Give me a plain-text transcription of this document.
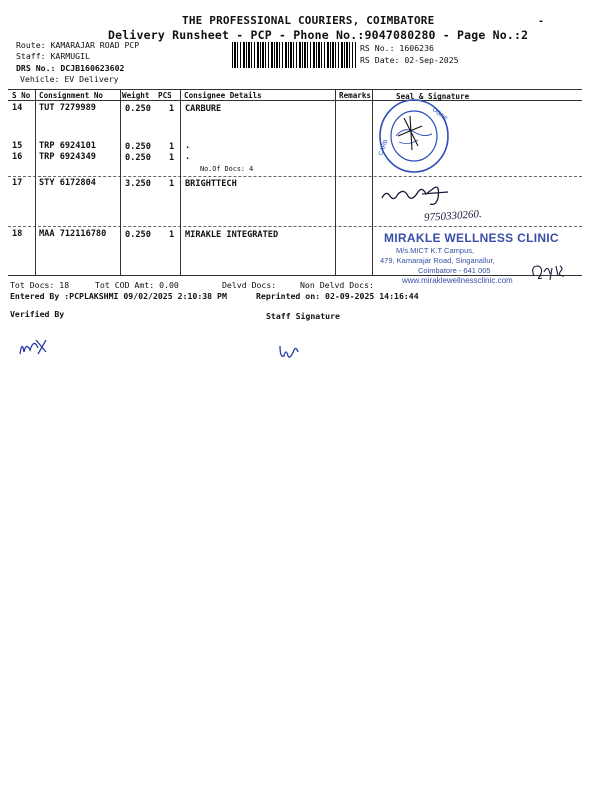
THE PROFESSIONAL COURIERS, COIMBATORE
Delivery Runsheet - PCP - Phone No.:9047080280 - Page No.:2
Route: KAMARAJAR ROAD PCP
Staff: KARMUGIL
DRS No.: DCJB160623602
Vehicle: EV Delivery
RS No.: 1606236
RS Date: 02-Sep-2025
-
S No Consignment No Weight PCS Consignee Details	Remarks	Seal & Signature
14 TUT 7279989	0.250 1 CARBURE
15 TRP 6924101	0.250 1 .
16 TRP 6924349	0.250 1 .
No.Of Docs: 4
17 STY 6172804	3.250 1 BRIGHTTECH
18 MAA 712116780 0.250 1 MIRAKLE INTEGRATED
CARB
OGRE
9750330260.
MIRAKLE WELLNESS CLINIC
M/s.MICT K.T Campus,
479, Kamarajar Road, Singanallur,
Coimbatore - 641 005
www.miraklewellnessclinic.com
Tot Docs: 18	Tot COD Amt: 0.00	Delvd Docs:	Non Delvd Docs:
Entered By :PCPLAKSHMI 09/02/2025 2:10:38 PM	Reprinted on: 02-09-2025 14:16:44
Verified By	Staff Signature
